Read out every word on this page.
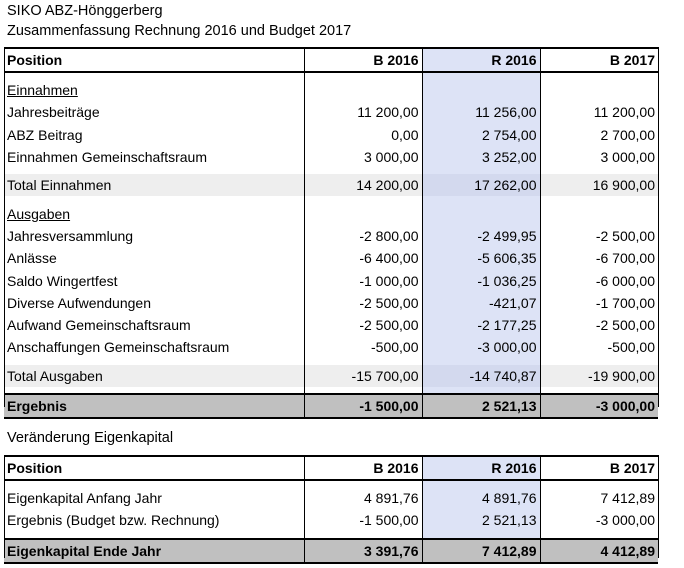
SIKO ABZ-Hönggerberg
Zusammenfassung Rechnung 2016 und Budget 2017
Position	B 2016	R 2016	B 2017

Einnahmen			
Jahresbeiträge	11 200,00	11 256,00	11 200,00
ABZ Beitrag	0,00	2 754,00	2 700,00
Einnahmen Gemeinschaftsraum	3 000,00	3 252,00	3 000,00

Total Einnahmen	14 200,00	17 262,00	16 900,00

Ausgaben			
Jahresversammlung	-2 800,00	-2 499,95	-2 500,00
Anlässe	-6 400,00	-5 606,35	-6 700,00
Saldo Wingertfest	-1 000,00	-1 036,25	-6 000,00
Diverse Aufwendungen	-2 500,00	-421,07	-1 700,00
Aufwand Gemeinschaftsraum	-2 500,00	-2 177,25	-2 500,00
Anschaffungen Gemeinschaftsraum	-500,00	-3 000,00	-500,00

Total Ausgaben	-15 700,00	-14 740,87	-19 900,00

Ergebnis	-1 500,00	2 521,13	-3 000,00
Veränderung Eigenkapital
Position	B 2016	R 2016	B 2017

Eigenkapital Anfang Jahr	4 891,76	4 891,76	7 412,89
Ergebnis (Budget bzw. Rechnung)	-1 500,00	2 521,13	-3 000,00

Eigenkapital Ende Jahr	3 391,76	7 412,89	4 412,89
